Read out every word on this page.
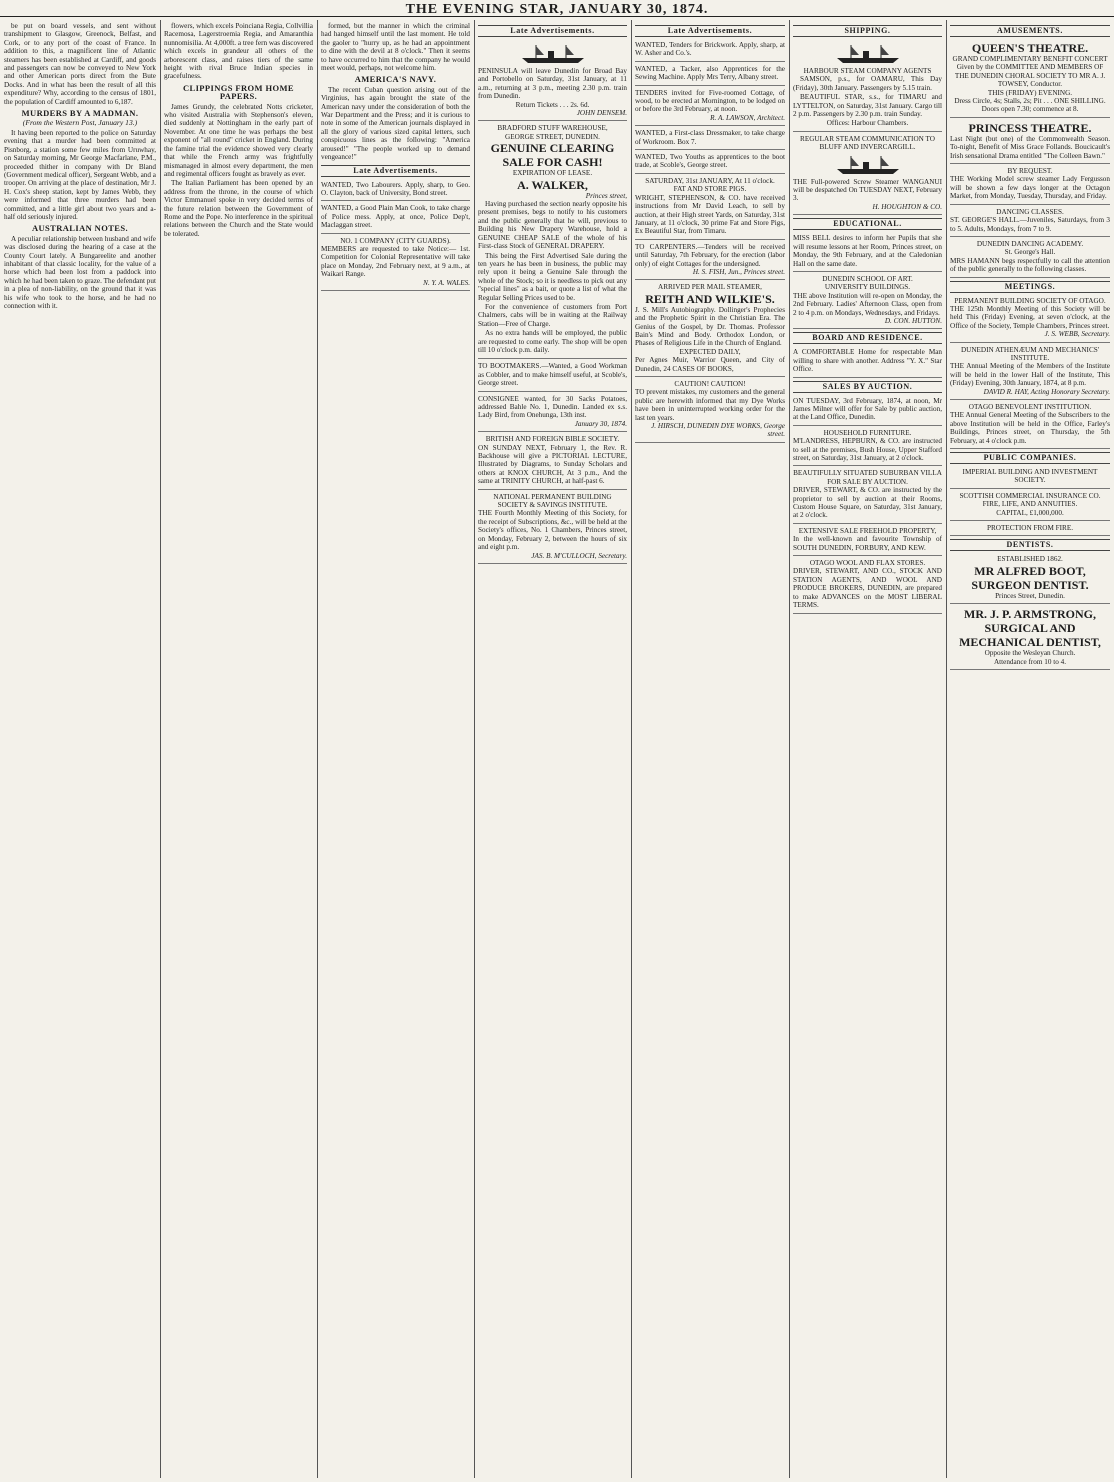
THE EVENING STAR, JANUARY 30, 1874.

be put on board vessels, and sent without transhipment to Glasgow, Greenock, Belfast, and Cork, or to any port of the coast of France. In addition to this, a magnificent line of Atlantic steamers has been established at Cardiff, and goods and passengers can now be conveyed to New York and other American ports direct from the Bute Docks. And in what has been the result of all this expenditure? Why, according to the census of 1801, the population of Cardiff amounted to 6,187.

MURDERS BY A MADMAN.
(From the Western Post, January 13.)

It having been reported to the police on Saturday evening that a murder had been committed at Pisnborg, a station some few miles from Uruwhay, on Saturday morning, Mr George Macfarlane, P.M., proceeded thither in company with Dr Bland (Government medical officer), Sergeant Webb, and a trooper. On arriving at the place of destination, Mr J. H. Cox's sheep station, kept by James Webb, they were informed that three murders had been committed, and a little girl about two years and a-half old seriously injured.

AUSTRALIAN NOTES.

A peculiar relationship between husband and wife was disclosed during the hearing of a case at the County Court lately. A Bungareelite and another inhabitant of that classic locality, for the value of a horse which had been lost from a paddock into which he had been taken to graze. The defendant put in a plea of non-liability, on the ground that it was his wife who took to the horse, and he had no connection with it.

flowers, which excels Poinciana Regia, Collvillia Racemosa, Lagerstroemia Regia, and Amaranthia nunnomisilia. At 4,000ft. a tree fern was discovered which excels in grandeur all others of the arborescent class, and raises tiers of the same height with rival Bruce Indian species in gracefulness.

CLIPPINGS FROM HOME PAPERS.

James Grundy, the celebrated Notts cricketer, who visited Australia with Stephenson's eleven, died suddenly at Nottingham in the early part of November. At one time he was perhaps the best exponent of "all round" cricket in England. During the famine trial the evidence showed very clearly that while the French army was frightfully mismanaged in almost every department, the men and regimental officers fought as bravely as ever.

The Italian Parliament has been opened by an address from the throne, in the course of which Victor Emmanuel spoke in very decided terms of the future relation between the Government of Rome and the Pope. No interference in the spiritual relations between the Church and the State would be tolerated.

formed, but the manner in which the criminal had hanged himself until the last moment. He told the gaoler to "hurry up, as he had an appointment to dine with the devil at 8 o'clock." Then it seems to have occurred to him that the company he would meet would, perhaps, not welcome him.

AMERICA'S NAVY.

The recent Cuban question arising out of the Virginius, has again brought the state of the American navy under the consideration of both the War Department and the Press; and it is curious to note in some of the American journals displayed in all the glory of various sized capital letters, such conspicuous lines as the following: "America aroused!" "The people worked up to demand vengeance!"

Late Advertisements.
WANTED, Two Labourers. Apply, sharp, to Geo. O. Clayton, back of University, Bond street.
WANTED, a Good Plain Man Cook, to take charge of Police mess. Apply, at once, Police Dep't, Maclaggan street.
NO. 1 COMPANY (CITY GUARDS).
MEMBERS are requested to take Notice:— 1st. Competition for Colonial Representative will take place on Monday, 2nd February next, at 9 a.m., at Waikari Range.
N. Y. A. WALES.
Late Advertisements.
PENINSULA will leave Dunedin for Broad Bay and Portobello on Saturday, 31st January, at 11 a.m., returning at 3 p.m., meeting 2.30 p.m. train from Dunedin.
Return Tickets . . . 2s. 6d.
JOHN DENSEM.
BRADFORD STUFF WAREHOUSE,
GEORGE STREET, DUNEDIN.
GENUINE CLEARING SALE FOR CASH!
EXPIRATION OF LEASE.
A. WALKER,
Princes street,

Having purchased the section nearly opposite his present premises, begs to notify to his customers and the public generally that he will, previous to Building his New Drapery Warehouse, hold a GENUINE CHEAP SALE of the whole of his First-class Stock of GENERAL DRAPERY.

This being the First Advertised Sale during the ten years he has been in business, the public may rely upon it being a Genuine Sale through the whole of the Stock; so it is needless to pick out any "special lines" as a bait, or quote a list of what the Regular Selling Prices used to be.

For the convenience of customers from Port Chalmers, cabs will be in waiting at the Railway Station—Free of Charge.

As no extra hands will be employed, the public are requested to come early. The shop will be open till 10 o'clock p.m. daily.

TO BOOTMAKERS.—Wanted, a Good Workman as Cobbler, and to make himself useful, at Scoble's, George street.
CONSIGNEE wanted, for 30 Sacks Potatoes, addressed Bahle No. 1, Dunedin. Landed ex s.s. Lady Bird, from Onehunga, 13th inst.
January 30, 1874.
BRITISH AND FOREIGN BIBLE SOCIETY.
ON SUNDAY NEXT, February 1, the Rev. R. Backhouse will give a PICTORIAL LECTURE, Illustrated by Diagrams, to Sunday Scholars and others at KNOX CHURCH, At 3 p.m., And the same at TRINITY CHURCH, at half-past 6.
NATIONAL PERMANENT BUILDING SOCIETY & SAVINGS INSTITUTE.
THE Fourth Monthly Meeting of this Society, for the receipt of Subscriptions, &c., will be held at the Society's offices, No. 1 Chambers, Princes street, on Monday, February 2, between the hours of six and eight p.m.
JAS. B. M'CULLOCH, Secretary.
Late Advertisements.
WANTED, Tenders for Brickwork. Apply, sharp, at W. Asher and Co.'s.
WANTED, a Tacker, also Apprentices for the Sewing Machine. Apply Mrs Terry, Albany street.
TENDERS invited for Five-roomed Cottage, of wood, to be erected at Mornington, to be lodged on or before the 3rd February, at noon.
R. A. LAWSON, Architect.
WANTED, a First-class Dressmaker, to take charge of Workroom. Box 7.
WANTED, Two Youths as apprentices to the boot trade, at Scoble's, George street.
SATURDAY, 31st JANUARY, At 11 o'clock.
FAT AND STORE PIGS.
WRIGHT, STEPHENSON, & CO. have received instructions from Mr David Leach, to sell by auction, at their High street Yards, on Saturday, 31st January, at 11 o'clock, 30 prime Fat and Store Pigs, Ex Beautiful Star, from Timaru.
TO CARPENTERS.—Tenders will be received until Saturday, 7th February, for the erection (labor only) of eight Cottages for the undersigned.
H. S. FISH, Jun., Princes street.
ARRIVED PER MAIL STEAMER,
REITH AND WILKIE'S.
J. S. Mill's Autobiography. Dollinger's Prophecies and the Prophetic Spirit in the Christian Era. The Genius of the Gospel, by Dr. Thomas. Professor Bain's Mind and Body. Orthodox London, or Phases of Religious Life in the Church of England.
EXPECTED DAILY,
Per Agnes Muir, Warrior Queen, and City of Dunedin, 24 CASES OF BOOKS,
CAUTION! CAUTION!
TO prevent mistakes, my customers and the general public are herewith informed that my Dye Works have been in uninterrupted working order for the last ten years.
J. HIRSCH, DUNEDIN DYE WORKS, George street.
SHIPPING.
HARBOUR STEAM COMPANY AGENTS

SAMSON, p.s., for OAMARU, This Day (Friday), 30th January. Passengers by 5.15 train.

BEAUTIFUL STAR, s.s., for TIMARU and LYTTELTON, on Saturday, 31st January. Cargo till 2 p.m. Passengers by 2.30 p.m. train Sunday.

Offices: Harbour Chambers.
REGULAR STEAM COMMUNICATION TO BLUFF AND INVERCARGILL.
THE Full-powered Screw Steamer WANGANUI will be despatched On TUESDAY NEXT, February 3.
H. HOUGHTON & CO.
EDUCATIONAL.
MISS BELL desires to inform her Pupils that she will resume lessons at her Room, Princes street, on Monday, the 9th February, and at the Caledonian Hall on the same date.
DUNEDIN SCHOOL OF ART.
UNIVERSITY BUILDINGS.
THE above Institution will re-open on Monday, the 2nd February. Ladies' Afternoon Class, open from 2 to 4 p.m. on Mondays, Wednesdays, and Fridays.
D. CON. HUTTON.
BOARD AND RESIDENCE.
A COMFORTABLE Home for respectable Man willing to share with another. Address "Y. X." Star Office.
SALES BY AUCTION.
ON TUESDAY, 3rd February, 1874, at noon, Mr James Milner will offer for Sale by public auction, at the Land Office, Dunedin.
HOUSEHOLD FURNITURE.
M'LANDRESS, HEPBURN, & CO. are instructed to sell at the premises, Bush House, Upper Stafford street, on Saturday, 31st January, at 2 o'clock.
BEAUTIFULLY SITUATED SUBURBAN VILLA FOR SALE BY AUCTION.
DRIVER, STEWART, & CO. are instructed by the proprietor to sell by auction at their Rooms, Custom House Square, on Saturday, 31st January, at 2 o'clock.
EXTENSIVE SALE FREEHOLD PROPERTY,
In the well-known and favourite Township of SOUTH DUNEDIN, FORBURY, AND KEW.
OTAGO WOOL AND FLAX STORES.
DRIVER, STEWART, AND CO., STOCK AND STATION AGENTS, AND WOOL AND PRODUCE BROKERS, DUNEDIN, are prepared to make ADVANCES on the MOST LIBERAL TERMS.
AMUSEMENTS.
QUEEN'S THEATRE.
GRAND COMPLIMENTARY BENEFIT CONCERT Given by the COMMITTEE AND MEMBERS OF THE DUNEDIN CHORAL SOCIETY TO MR A. J. TOWSEY, Conductor.
THIS (FRIDAY) EVENING.
Dress Circle, 4s; Stalls, 2s; Pit . . . ONE SHILLING.
Doors open 7.30; commence at 8.
PRINCESS THEATRE.
Last Night (but one) of the Commonwealth Season. To-night, Benefit of Miss Grace Follands. Boucicault's Irish sensational Drama entitled "The Colleen Bawn."
BY REQUEST.
THE Working Model screw steamer Lady Fergusson will be shown a few days longer at the Octagon Market, from Monday, Tuesday, Thursday, and Friday.
DANCING CLASSES.
ST. GEORGE'S HALL.—Juveniles, Saturdays, from 3 to 5. Adults, Mondays, from 7 to 9.
DUNEDIN DANCING ACADEMY.
St. George's Hall.
MRS HAMANN begs respectfully to call the attention of the public generally to the following classes.
MEETINGS.
PERMANENT BUILDING SOCIETY OF OTAGO.
THE 125th Monthly Meeting of this Society will be held This (Friday) Evening, at seven o'clock, at the Office of the Society, Temple Chambers, Princes street.
J. S. WEBB, Secretary.
DUNEDIN ATHENÆUM AND MECHANICS' INSTITUTE.
THE Annual Meeting of the Members of the Institute will be held in the lower Hall of the Institute, This (Friday) Evening, 30th January, 1874, at 8 p.m.
DAVID R. HAY, Acting Honorary Secretary.
OTAGO BENEVOLENT INSTITUTION.
THE Annual General Meeting of the Subscribers to the above Institution will be held in the Office, Farley's Buildings, Princes street, on Thursday, the 5th February, at 4 o'clock p.m.
PUBLIC COMPANIES.
IMPERIAL BUILDING AND INVESTMENT SOCIETY.
SCOTTISH COMMERCIAL INSURANCE CO.
FIRE, LIFE, AND ANNUITIES.
CAPITAL, £1,000,000.
PROTECTION FROM FIRE.
DENTISTS.
ESTABLISHED 1862.
MR ALFRED BOOT, SURGEON DENTIST.
Princes Street, Dunedin.
MR. J. P. ARMSTRONG, SURGICAL AND MECHANICAL DENTIST,
Opposite the Wesleyan Church.
Attendance from 10 to 4.
